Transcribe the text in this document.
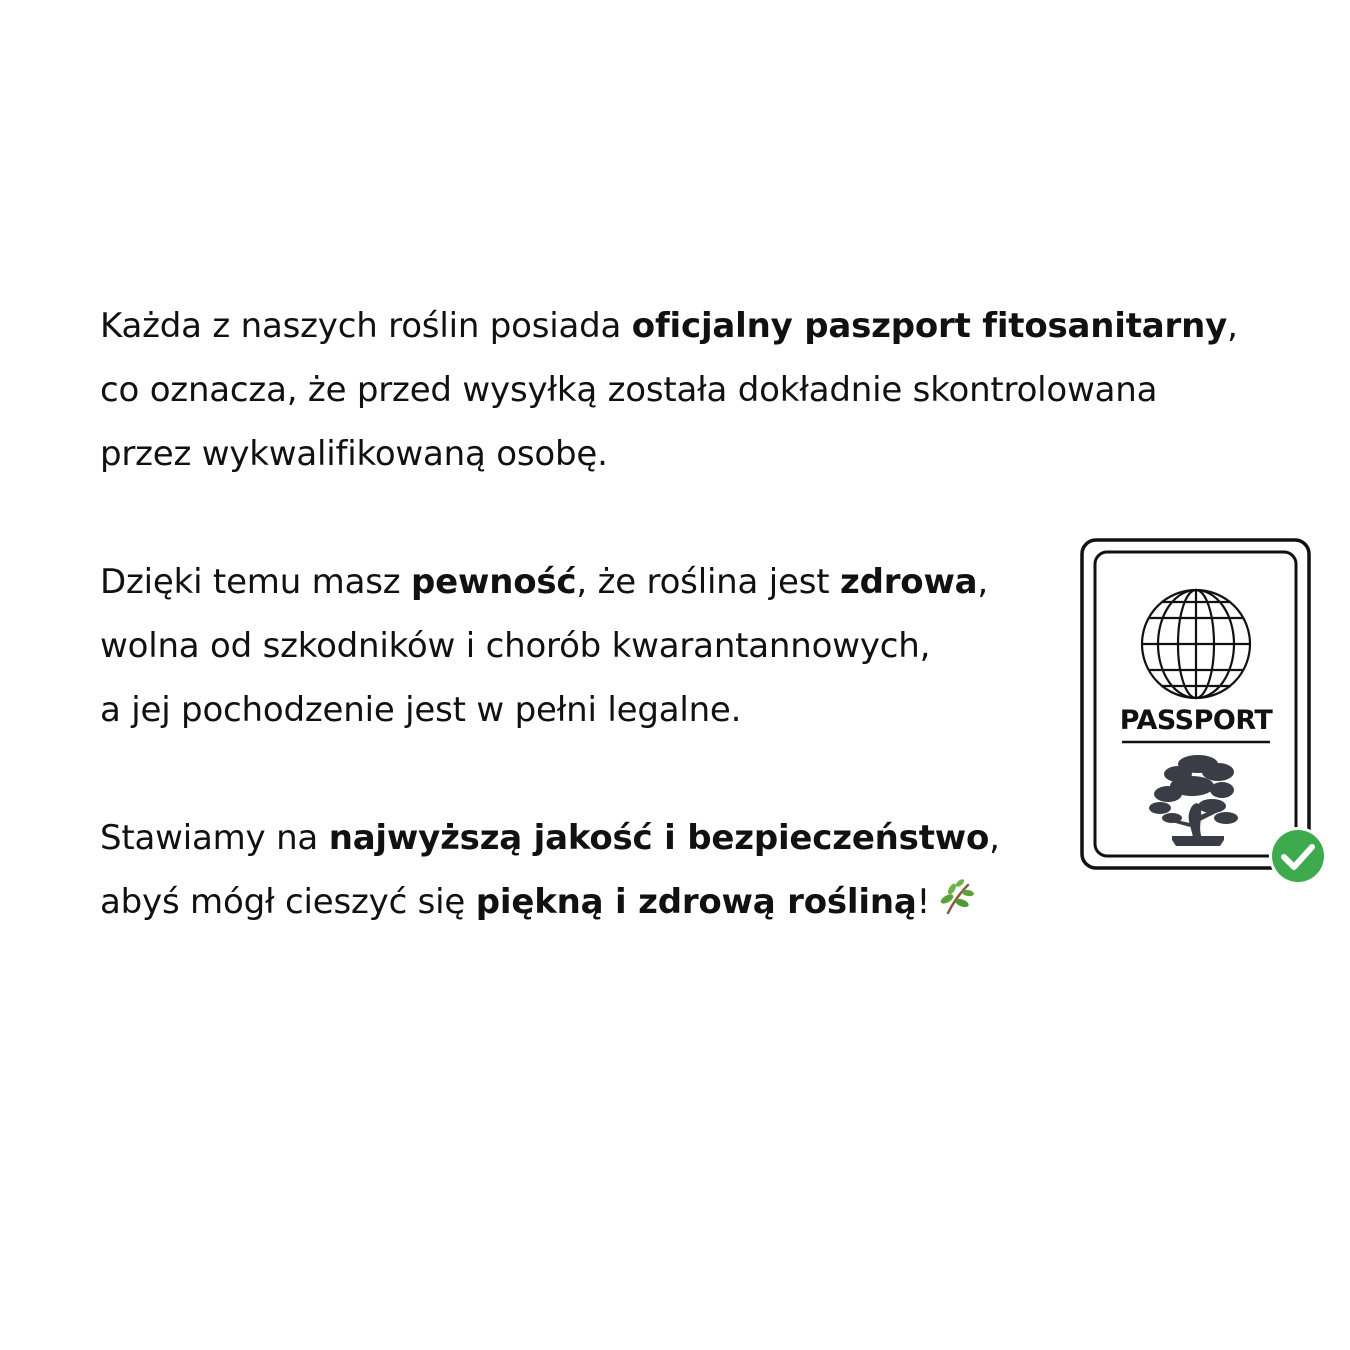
Każda z naszych roślin posiada oficjalny paszport fitosanitarny,
co oznacza, że przed wysyłką została dokładnie skontrolowana
przez wykwalifikowaną osobę.
Dzięki temu masz pewność, że roślina jest zdrowa,
wolna od szkodników i chorób kwarantannowych,
a jej pochodzenie jest w pełni legalne.
Stawiamy na najwyższą jakość i bezpieczeństwo,
abyś mógł cieszyć się piękną i zdrową rośliną!
PASSPORT
